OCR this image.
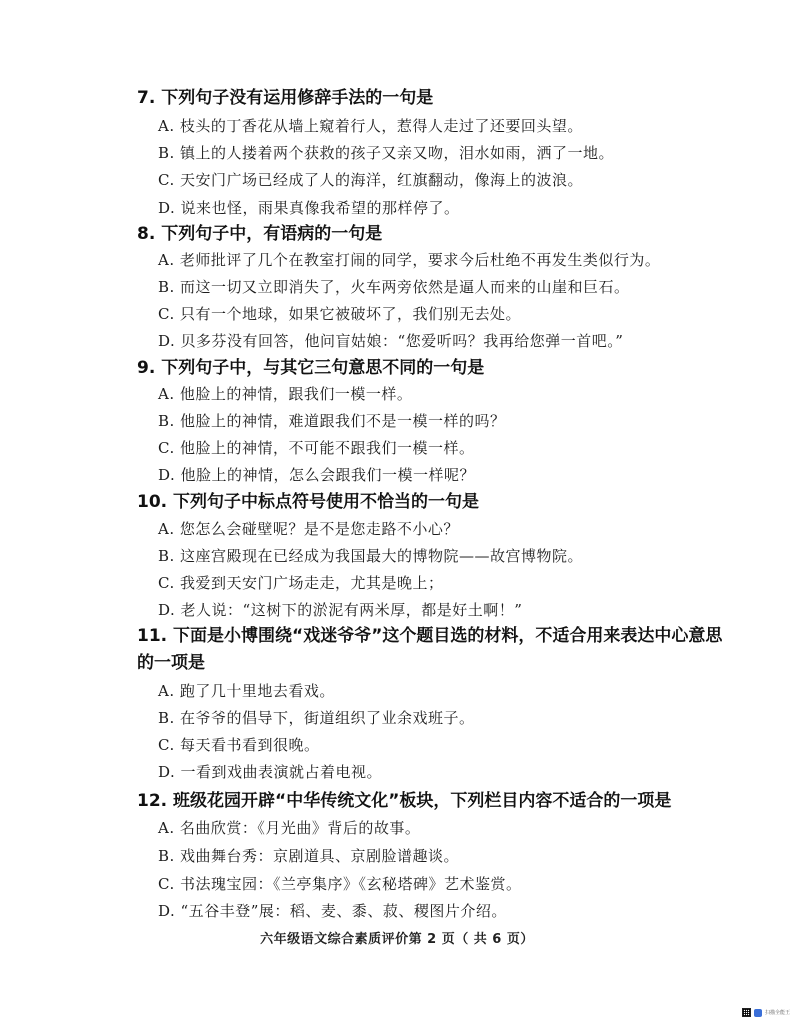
7. 下列句子没有运用修辞手法的一句是
A. 枝头的丁香花从墙上窥着行人，惹得人走过了还要回头望。
B. 镇上的人搂着两个获救的孩子又亲又吻，泪水如雨，洒了一地。
C. 天安门广场已经成了人的海洋，红旗翻动，像海上的波浪。
D. 说来也怪，雨果真像我希望的那样停了。
8. 下列句子中，有语病的一句是
A. 老师批评了几个在教室打闹的同学，要求今后杜绝不再发生类似行为。
B. 而这一切又立即消失了，火车两旁依然是逼人而来的山崖和巨石。
C. 只有一个地球，如果它被破坏了，我们别无去处。
D. 贝多芬没有回答，他问盲姑娘：“您爱听吗？我再给您弹一首吧。”
9. 下列句子中，与其它三句意思不同的一句是
A. 他脸上的神情，跟我们一模一样。
B. 他脸上的神情，难道跟我们不是一模一样的吗？
C. 他脸上的神情，不可能不跟我们一模一样。
D. 他脸上的神情，怎么会跟我们一模一样呢？
10. 下列句子中标点符号使用不恰当的一句是
A. 您怎么会碰壁呢？是不是您走路不小心？
B. 这座宫殿现在已经成为我国最大的博物院——故宫博物院。
C. 我爱到天安门广场走走，尤其是晚上；
D. 老人说：“这树下的淤泥有两米厚，都是好土啊！”
11. 下面是小博围绕“戏迷爷爷”这个题目选的材料，不适合用来表达中心意思的一项是
A. 跑了几十里地去看戏。
B. 在爷爷的倡导下，街道组织了业余戏班子。
C. 每天看书看到很晚。
D. 一看到戏曲表演就占着电视。
12. 班级花园开辟“中华传统文化”板块，下列栏目内容不适合的一项是
A. 名曲欣赏：《月光曲》背后的故事。
B. 戏曲舞台秀：京剧道具、京剧脸谱趣谈。
C. 书法瑰宝园：《兰亭集序》《玄秘塔碑》艺术鉴赏。
D. “五谷丰登”展：稻、麦、黍、菽、稷图片介绍。
六年级语文综合素质评价第 2 页（ 共 6 页）
扫描全能王
